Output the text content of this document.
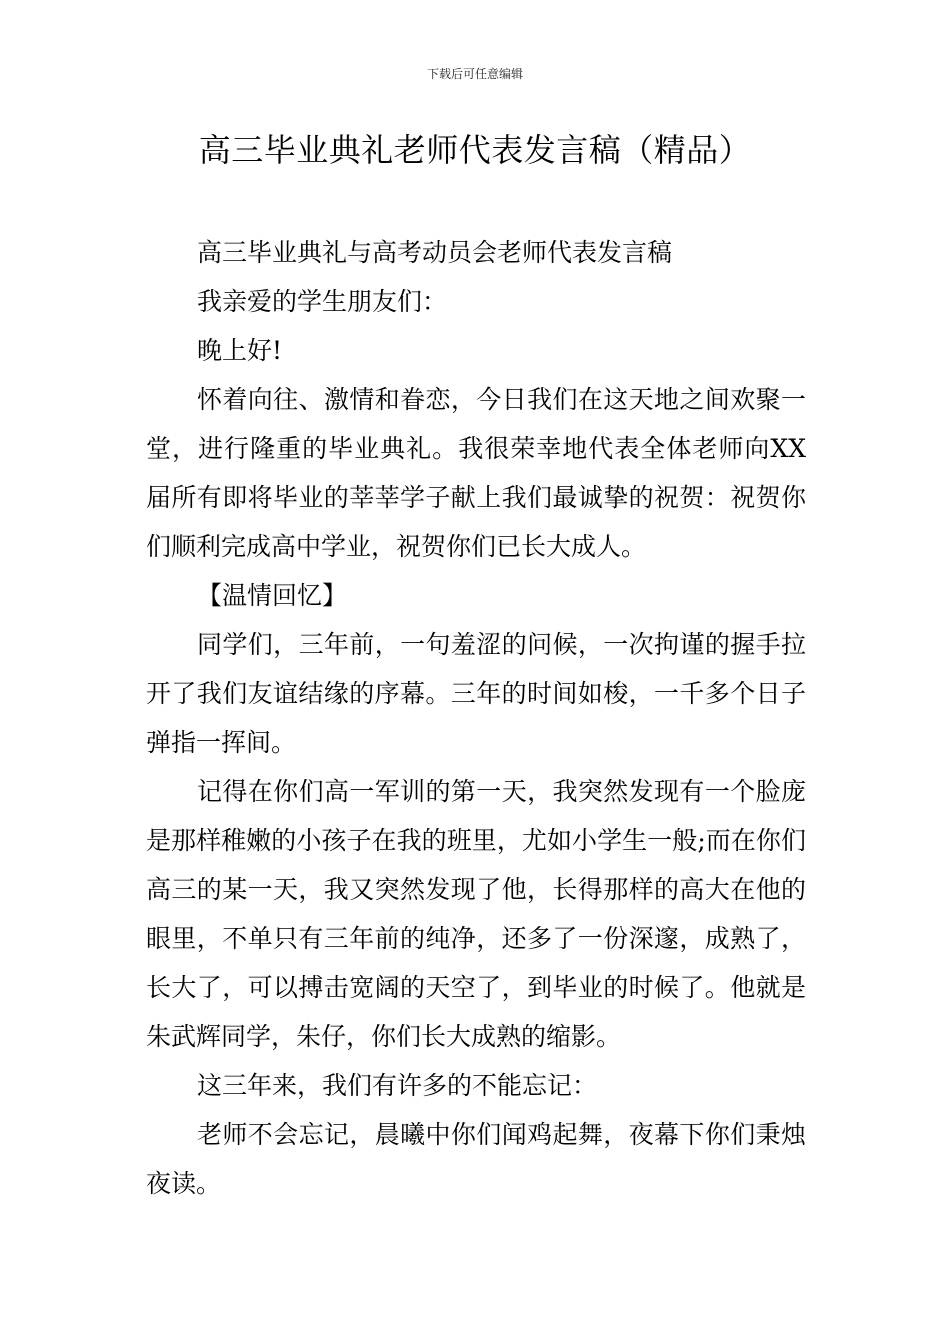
下载后可任意编辑
高三毕业典礼老师代表发言稿（精品）

高三毕业典礼与高考动员会老师代表发言稿

我亲爱的学生朋友们：

晚上好!

怀着向往、激情和眷恋，今日我们在这天地之间欢聚一堂，进行隆重的毕业典礼。我很荣幸地代表全体老师向XX届所有即将毕业的莘莘学子献上我们最诚挚的祝贺：祝贺你们顺利完成高中学业，祝贺你们已长大成人。

【温情回忆】

同学们，三年前，一句羞涩的问候，一次拘谨的握手拉开了我们友谊结缘的序幕。三年的时间如梭，一千多个日子弹指一挥间。

记得在你们高一军训的第一天，我突然发现有一个脸庞是那样稚嫩的小孩子在我的班里，尤如小学生一般;而在你们高三的某一天，我又突然发现了他，长得那样的高大在他的眼里，不单只有三年前的纯净，还多了一份深邃，成熟了，长大了，可以搏击宽阔的天空了，到毕业的时候了。他就是朱武辉同学，朱仔，你们长大成熟的缩影。

这三年来，我们有许多的不能忘记：

老师不会忘记，晨曦中你们闻鸡起舞，夜幕下你们秉烛夜读。
